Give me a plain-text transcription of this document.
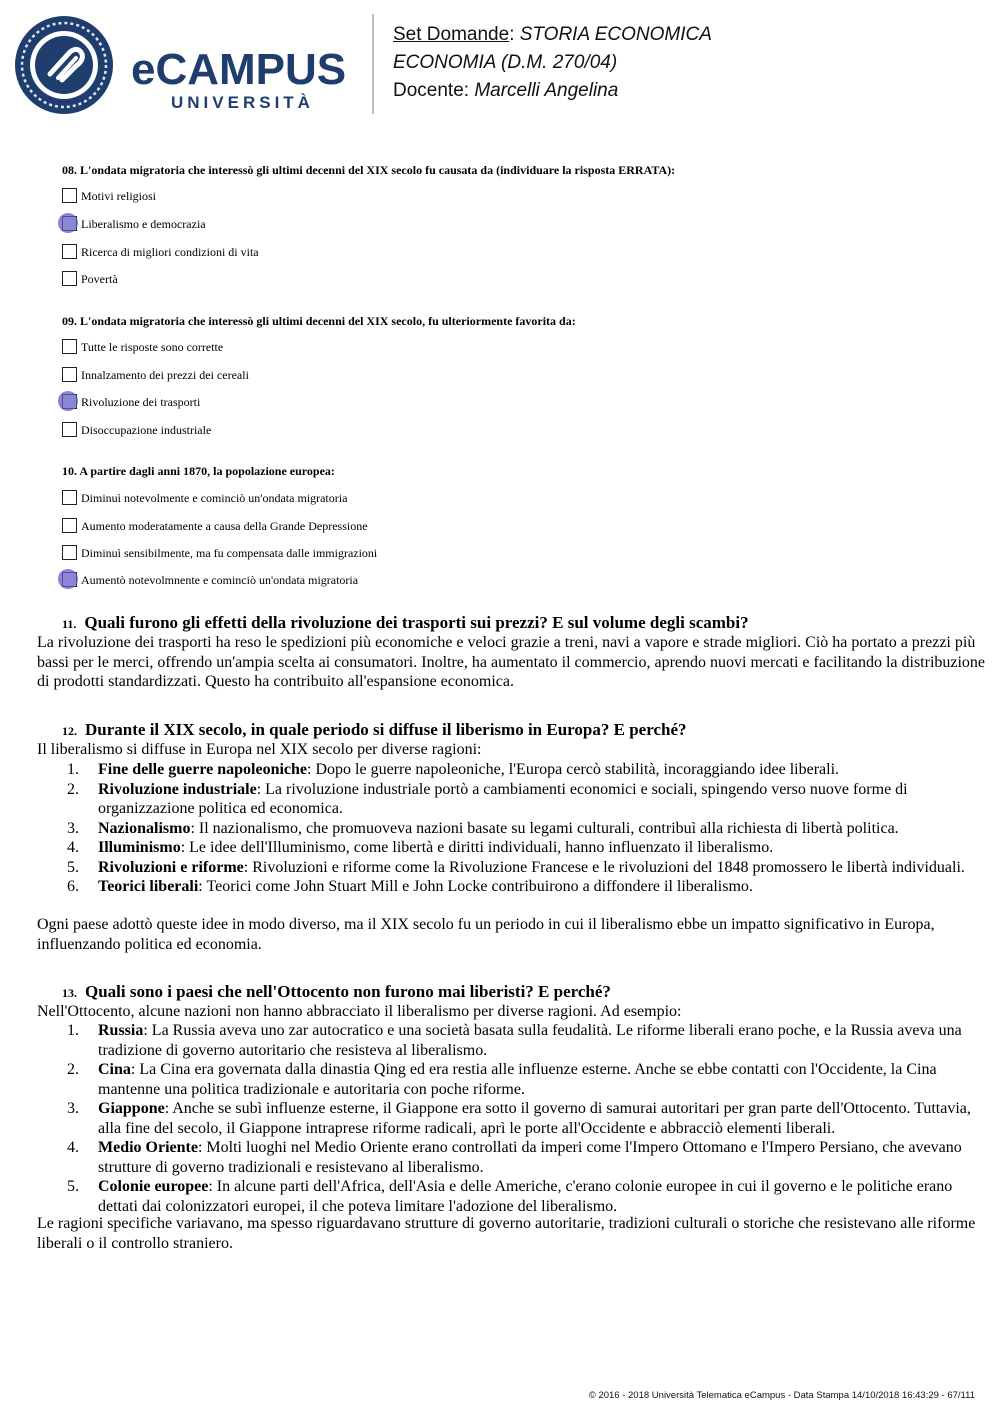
eCAMPUS
UNIVERSITÀ
Set Domande: STORIA ECONOMICA
ECONOMIA (D.M. 270/04)
Docente: Marcelli Angelina
08. L'ondata migratoria che interessò gli ultimi decenni del XIX secolo fu causata da (individuare la risposta ERRATA):
Motivi religiosi
Liberalismo e democrazia
Ricerca di migliori condizioni di vita
Povertà
09. L'ondata migratoria che interessò gli ultimi decenni del XIX secolo, fu ulteriormente favorita da:
Tutte le risposte sono corrette
Innalzamento dei prezzi dei cereali
Rivoluzione dei trasporti
Disoccupazione industriale
10. A partire dagli anni 1870, la popolazione europea:
Diminuì notevolmente e cominciò un'ondata migratoria
Aumento moderatamente a causa della Grande Depressione
Diminuì sensibilmente, ma fu compensata dalle immigrazioni
Aumentò notevolmnente e cominciò un'ondata migratoria
11. Quali furono gli effetti della rivoluzione dei trasporti sui prezzi? E sul volume degli scambi?
La rivoluzione dei trasporti ha reso le spedizioni più economiche e veloci grazie a treni, navi a vapore e strade migliori. Ciò ha portato a prezzi più bassi per le merci, offrendo un'ampia scelta ai consumatori. Inoltre, ha aumentato il commercio, aprendo nuovi mercati e facilitando la distribuzione di prodotti standardizzati. Questo ha contribuito all'espansione economica.
12. Durante il XIX secolo, in quale periodo si diffuse il liberismo in Europa? E perché?
Il liberalismo si diffuse in Europa nel XIX secolo per diverse ragioni:
1. Fine delle guerre napoleoniche: Dopo le guerre napoleoniche, l'Europa cercò stabilità, incoraggiando idee liberali.
2. Rivoluzione industriale: La rivoluzione industriale portò a cambiamenti economici e sociali, spingendo verso nuove forme di organizzazione politica ed economica.
3. Nazionalismo: Il nazionalismo, che promuoveva nazioni basate su legami culturali, contribuì alla richiesta di libertà politica.
4. Illuminismo: Le idee dell'Illuminismo, come libertà e diritti individuali, hanno influenzato il liberalismo.
5. Rivoluzioni e riforme: Rivoluzioni e riforme come la Rivoluzione Francese e le rivoluzioni del 1848 promossero le libertà individuali.
6. Teorici liberali: Teorici come John Stuart Mill e John Locke contribuirono a diffondere il liberalismo.
Ogni paese adottò queste idee in modo diverso, ma il XIX secolo fu un periodo in cui il liberalismo ebbe un impatto significativo in Europa, influenzando politica ed economia.
13. Quali sono i paesi che nell'Ottocento non furono mai liberisti? E perché?
Nell'Ottocento, alcune nazioni non hanno abbracciato il liberalismo per diverse ragioni. Ad esempio:
1. Russia: La Russia aveva uno zar autocratico e una società basata sulla feudalità. Le riforme liberali erano poche, e la Russia aveva una tradizione di governo autoritario che resisteva al liberalismo.
2. Cina: La Cina era governata dalla dinastia Qing ed era restia alle influenze esterne. Anche se ebbe contatti con l'Occidente, la Cina mantenne una politica tradizionale e autoritaria con poche riforme.
3. Giappone: Anche se subì influenze esterne, il Giappone era sotto il governo di samurai autoritari per gran parte dell'Ottocento. Tuttavia, alla fine del secolo, il Giappone intraprese riforme radicali, aprì le porte all'Occidente e abbracciò elementi liberali.
4. Medio Oriente: Molti luoghi nel Medio Oriente erano controllati da imperi come l'Impero Ottomano e l'Impero Persiano, che avevano strutture di governo tradizionali e resistevano al liberalismo.
5. Colonie europee: In alcune parti dell'Africa, dell'Asia e delle Americhe, c'erano colonie europee in cui il governo e le politiche erano dettati dai colonizzatori europei, il che poteva limitare l'adozione del liberalismo.
Le ragioni specifiche variavano, ma spesso riguardavano strutture di governo autoritarie, tradizioni culturali o storiche che resistevano alle riforme liberali o il controllo straniero.
© 2016 - 2018 Università Telematica eCampus - Data Stampa 14/10/2018 16:43:29 - 67/111
